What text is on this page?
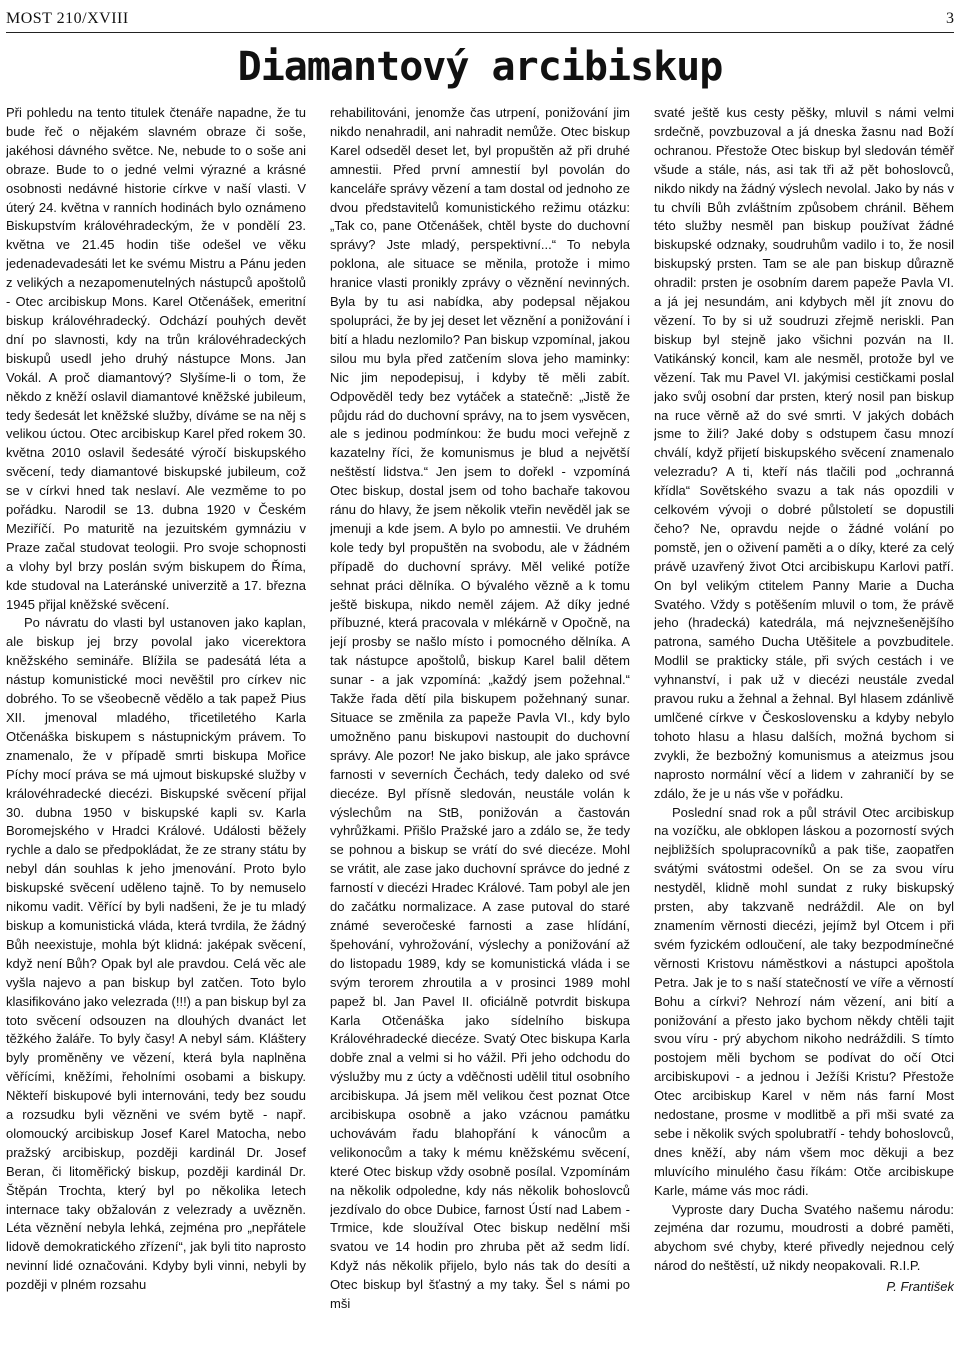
MOST 210/XVIII	3
Diamantový arcibiskup

Při pohledu na tento titulek čtenáře napadne, že tu bude řeč o nějakém slavném obraze či soše, jakéhosi dávného světce. Ne, nebude to o soše ani obraze. Bude to o jedné velmi výrazné a krásné osobnosti nedávné historie církve v naší vlasti. V úterý 24. května v ranních hodinách bylo oznámeno Biskupstvím královéhradeckým, že v pondělí 23. května ve 21.45 hodin tiše odešel ve věku jedenadevadesáti let ke svému Mistru a Pánu jeden z velikých a nezapomenutelných nástupců apoštolů - Otec arcibiskup Mons. Karel Otčenášek, emeritní biskup královéhradecký. Odchází pouhých devět dní po slavnosti, kdy na trůn královéhradeckých biskupů usedl jeho druhý nástupce Mons. Jan Vokál. A proč diamantový? Slyšíme-li o tom, že někdo z kněží oslavil diamantové kněžské jubileum, tedy šedesát let kněžské služby, díváme se na něj s velikou úctou. Otec arcibiskup Karel před rokem 30. května 2010 oslavil šedesáté výročí biskupského svěcení, tedy diamantové biskupské jubileum, což se v církvi hned tak neslaví. Ale vezměme to po pořádku. Narodil se 13. dubna 1920 v Českém Meziříčí. Po maturitě na jezuitském gymnáziu v Praze začal studovat teologii. Pro svoje schopnosti a vlohy byl brzy poslán svým biskupem do Říma, kde studoval na Lateránské univerzitě a 17. března 1945 přijal kněžské svěcení.

Po návratu do vlasti byl ustanoven jako kaplan, ale biskup jej brzy povolal jako vicerektora kněžského semináře. Blížila se padesátá léta a nástup komunistické moci nevěštil pro církev nic dobrého. To se všeobecně vědělo a tak papež Pius XII. jmenoval mladého, třicetiletého Karla Otčenáška biskupem s nástupnickým právem. To znamenalo, že v případě smrti biskupa Mořice Píchy mocí práva se má ujmout biskupské služby v královéhradecké diecézi. Biskupské svěcení přijal 30. dubna 1950 v biskupské kapli sv. Karla Boromejského v Hradci Králové. Události běžely rychle a dalo se předpokládat, že ze strany státu by nebyl dán souhlas k jeho jmenování. Proto bylo biskupské svěcení uděleno tajně. To by nemuselo nikomu vadit. Věřící by byli nadšeni, že je tu mladý biskup a komunistická vláda, která tvrdila, že žádný Bůh neexistuje, mohla být klidná: jaképak svěcení, když není Bůh? Opak byl ale pravdou. Celá věc ale vyšla najevo a pan biskup byl zatčen. Toto bylo klasifikováno jako velezrada (!!!) a pan biskup byl za toto svěcení odsouzen na dlouhých dvanáct let těžkého žaláře. To byly časy! A nebyl sám. Kláštery byly proměněny ve vězení, která byla naplněna věřícími, kněžími, řeholními osobami a biskupy. Někteří biskupové byli internováni, tedy bez soudu a rozsudku byli vězněni ve svém bytě - např. olomoucký arcibiskup Josef Karel Matocha, nebo pražský arcibiskup, později kardinál Dr. Josef Beran, či litoměřický biskup, později kardinál Dr. Štěpán Trochta, který byl po několika letech internace taky obžalován z velezrady a uvězněn. Léta věznění nebyla lehká, zejména pro „nepřátele lidově demokratického zřízení“, jak byli tito naprosto nevinní lidé označováni. Kdyby byli vinni, nebyli by později v plném rozsahu

rehabilitováni, jenomže čas utrpení, ponižování jim nikdo nenahradil, ani nahradit nemůže. Otec biskup Karel odseděl deset let, byl propuštěn až při druhé amnestii. Před první amnestií byl povolán do kanceláře správy vězení a tam dostal od jednoho ze dvou představitelů komunistického režimu otázku: „Tak co, pane Otčenášek, chtěl byste do duchovní správy? Jste mladý, perspektivní...“ To nebyla poklona, ale situace se měnila, protože i mimo hranice vlasti pronikly zprávy o věznění nevinných. Byla by tu asi nabídka, aby podepsal nějakou spolupráci, že by jej deset let věznění a ponižování i bití a hladu nezlomilo? Pan biskup vzpomínal, jakou silou mu byla před zatčením slova jeho maminky: Nic jim nepodepisuj, i kdyby tě měli zabít. Odpověděl tedy bez vytáček a statečně: „Jistě že půjdu rád do duchovní správy, na to jsem vysvěcen, ale s jedinou podmínkou: že budu moci veřejně z kazatelny říci, že komunismus je blud a největší neštěstí lidstva.“ Jen jsem to dořekl - vzpomíná Otec biskup, dostal jsem od toho bachaře takovou ránu do hlavy, že jsem několik vteřin nevěděl jak se jmenuji a kde jsem. A bylo po amnestii. Ve druhém kole tedy byl propuštěn na svobodu, ale v žádném případě do duchovní správy. Měl veliké potíže sehnat práci dělníka. O bývalého vězně a k tomu ještě biskupa, nikdo neměl zájem. Až díky jedné příbuzné, která pracovala v mlékárně v Opočně, na její prosby se našlo místo i pomocného dělníka. A tak nástupce apoštolů, biskup Karel balil dětem sunar - a jak vzpomíná: „každý jsem požehnal.“ Takže řada dětí pila biskupem požehnaný sunar. Situace se změnila za papeže Pavla VI., kdy bylo umožněno panu biskupovi nastoupit do duchovní správy. Ale pozor! Ne jako biskup, ale jako správce farnosti v severních Čechách, tedy daleko od své diecéze. Byl přísně sledován, neustále volán k výslechům na StB, ponižován a častován vyhrůžkami. Přišlo Pražské jaro a zdálo se, že tedy se pohnou a biskup se vrátí do své diecéze. Mohl se vrátit, ale zase jako duchovní správce do jedné z farností v diecézi Hradec Králové. Tam pobyl ale jen do začátku normalizace. A zase putoval do staré známé severočeské farnosti a zase hlídání, špehování, vyhrožování, výslechy a ponižování až do listopadu 1989, kdy se komunistická vláda i se svým terorem zhroutila a v prosinci 1989 mohl papež bl. Jan Pavel II. oficiálně potvrdit biskupa Karla Otčenáška jako sídelního biskupa Královéhradecké diecéze. Svatý Otec biskupa Karla dobře znal a velmi si ho vážil. Při jeho odchodu do výslužby mu z úcty a vděčnosti udělil titul osobního arcibiskupa. Já jsem měl velikou čest poznat Otce arcibiskupa osobně a jako vzácnou památku uchovávám řadu blahopřání k vánocům a velikonocům a taky k mému kněžskému svěcení, které Otec biskup vždy osobně posílal. Vzpomínám na několik odpoledne, kdy nás několik bohoslovců jezdívalo do obce Dubice, farnost Ústí nad Labem - Trmice, kde sloužíval Otec biskup nedělní mši svatou ve 14 hodin pro zhruba pět až sedm lidí. Když nás několik přijelo, bylo nás tak do desíti a Otec biskup byl šťastný a my taky. Šel s námi po mši

svaté ještě kus cesty pěšky, mluvil s námi velmi srdečně, povzbuzoval a já dneska žasnu nad Boží ochranou. Přestože Otec biskup byl sledován téměř všude a stále, nás, asi tak tři až pět bohoslovců, nikdo nikdy na žádný výslech nevolal. Jako by nás v tu chvíli Bůh zvláštním způsobem chránil. Během této služby nesměl pan biskup používat žádné biskupské odznaky, soudruhům vadilo i to, že nosil biskupský prsten. Tam se ale pan biskup důrazně ohradil: prsten je osobním darem papeže Pavla VI. a já jej nesundám, ani kdybych měl jít znovu do vězení. To by si už soudruzi zřejmě neriskli. Pan biskup byl stejně jako všichni pozván na II. Vatikánský koncil, kam ale nesměl, protože byl ve vězení. Tak mu Pavel VI. jakýmisi cestičkami poslal jako svůj osobní dar prsten, který nosil pan biskup na ruce věrně až do své smrti. V jakých dobách jsme to žili? Jaké doby s odstupem času mnozí chválí, když přijetí biskupského svěcení znamenalo velezradu? A ti, kteří nás tlačili pod „ochranná křídla“ Sovětského svazu a tak nás opozdili v celkovém vývoji o dobré půlstoletí se dopustili čeho? Ne, opravdu nejde o žádné volání po pomstě, jen o oživení paměti a o díky, které za celý právě uzavřený život Otci arcibiskupu Karlovi patří. On byl velikým ctitelem Panny Marie a Ducha Svatého. Vždy s potěšením mluvil o tom, že právě jeho (hradecká) katedrála, má nejvznešenějšího patrona, samého Ducha Utěšitele a povzbuditele. Modlil se prakticky stále, při svých cestách i ve vyhnanství, i pak už v diecézi neustále zvedal pravou ruku a žehnal a žehnal. Byl hlasem zdánlivě umlčené církve v Československu a kdyby nebylo tohoto hlasu a hlasu dalších, možná bychom si zvykli, že bezbožný komunismus a ateizmus jsou naprosto normální věcí a lidem v zahraničí by se zdálo, že je u nás vše v pořádku.

Poslední snad rok a půl strávil Otec arcibiskup na vozíčku, ale obklopen láskou a pozorností svých nejbližších spolupracovníků a pak tiše, zaopatřen svátými svátostmi odešel. On se za svou víru nestyděl, klidně mohl sundat z ruky biskupský prsten, aby takzvaně nedráždil. Ale on byl znamením věrnosti diecézi, jejímž byl Otcem i při svém fyzickém odloučení, ale taky bezpodmínečné věrnosti Kristovu náměstkovi a nástupci apoštola Petra. Jak je to s naší statečností ve víře a věrností Bohu a církvi? Nehrozí nám vězení, ani bití a ponižování a přesto jako bychom někdy chtěli tajit svou víru - prý abychom nikoho nedráždili. S tímto postojem měli bychom se podívat do očí Otci arcibiskupovi - a jednou i Ježíši Kristu? Přestože Otec arcibiskup Karel v něm nás farní Most nedostane, prosme v modlitbě a při mši svaté za sebe i několik svých spolubratří - tehdy bohoslovců, dnes kněží, aby nám všem moc děkuji a bez mluvícího minulého času říkám: Otče arcibiskupe Karle, máme vás moc rádi.

Vyproste dary Ducha Svatého našemu národu: zejména dar rozumu, moudrosti a dobré paměti, abychom své chyby, které přivedly nejednou celý národ do neštěstí, už nikdy neopakovali. R.I.P.

P. Františ​ek
